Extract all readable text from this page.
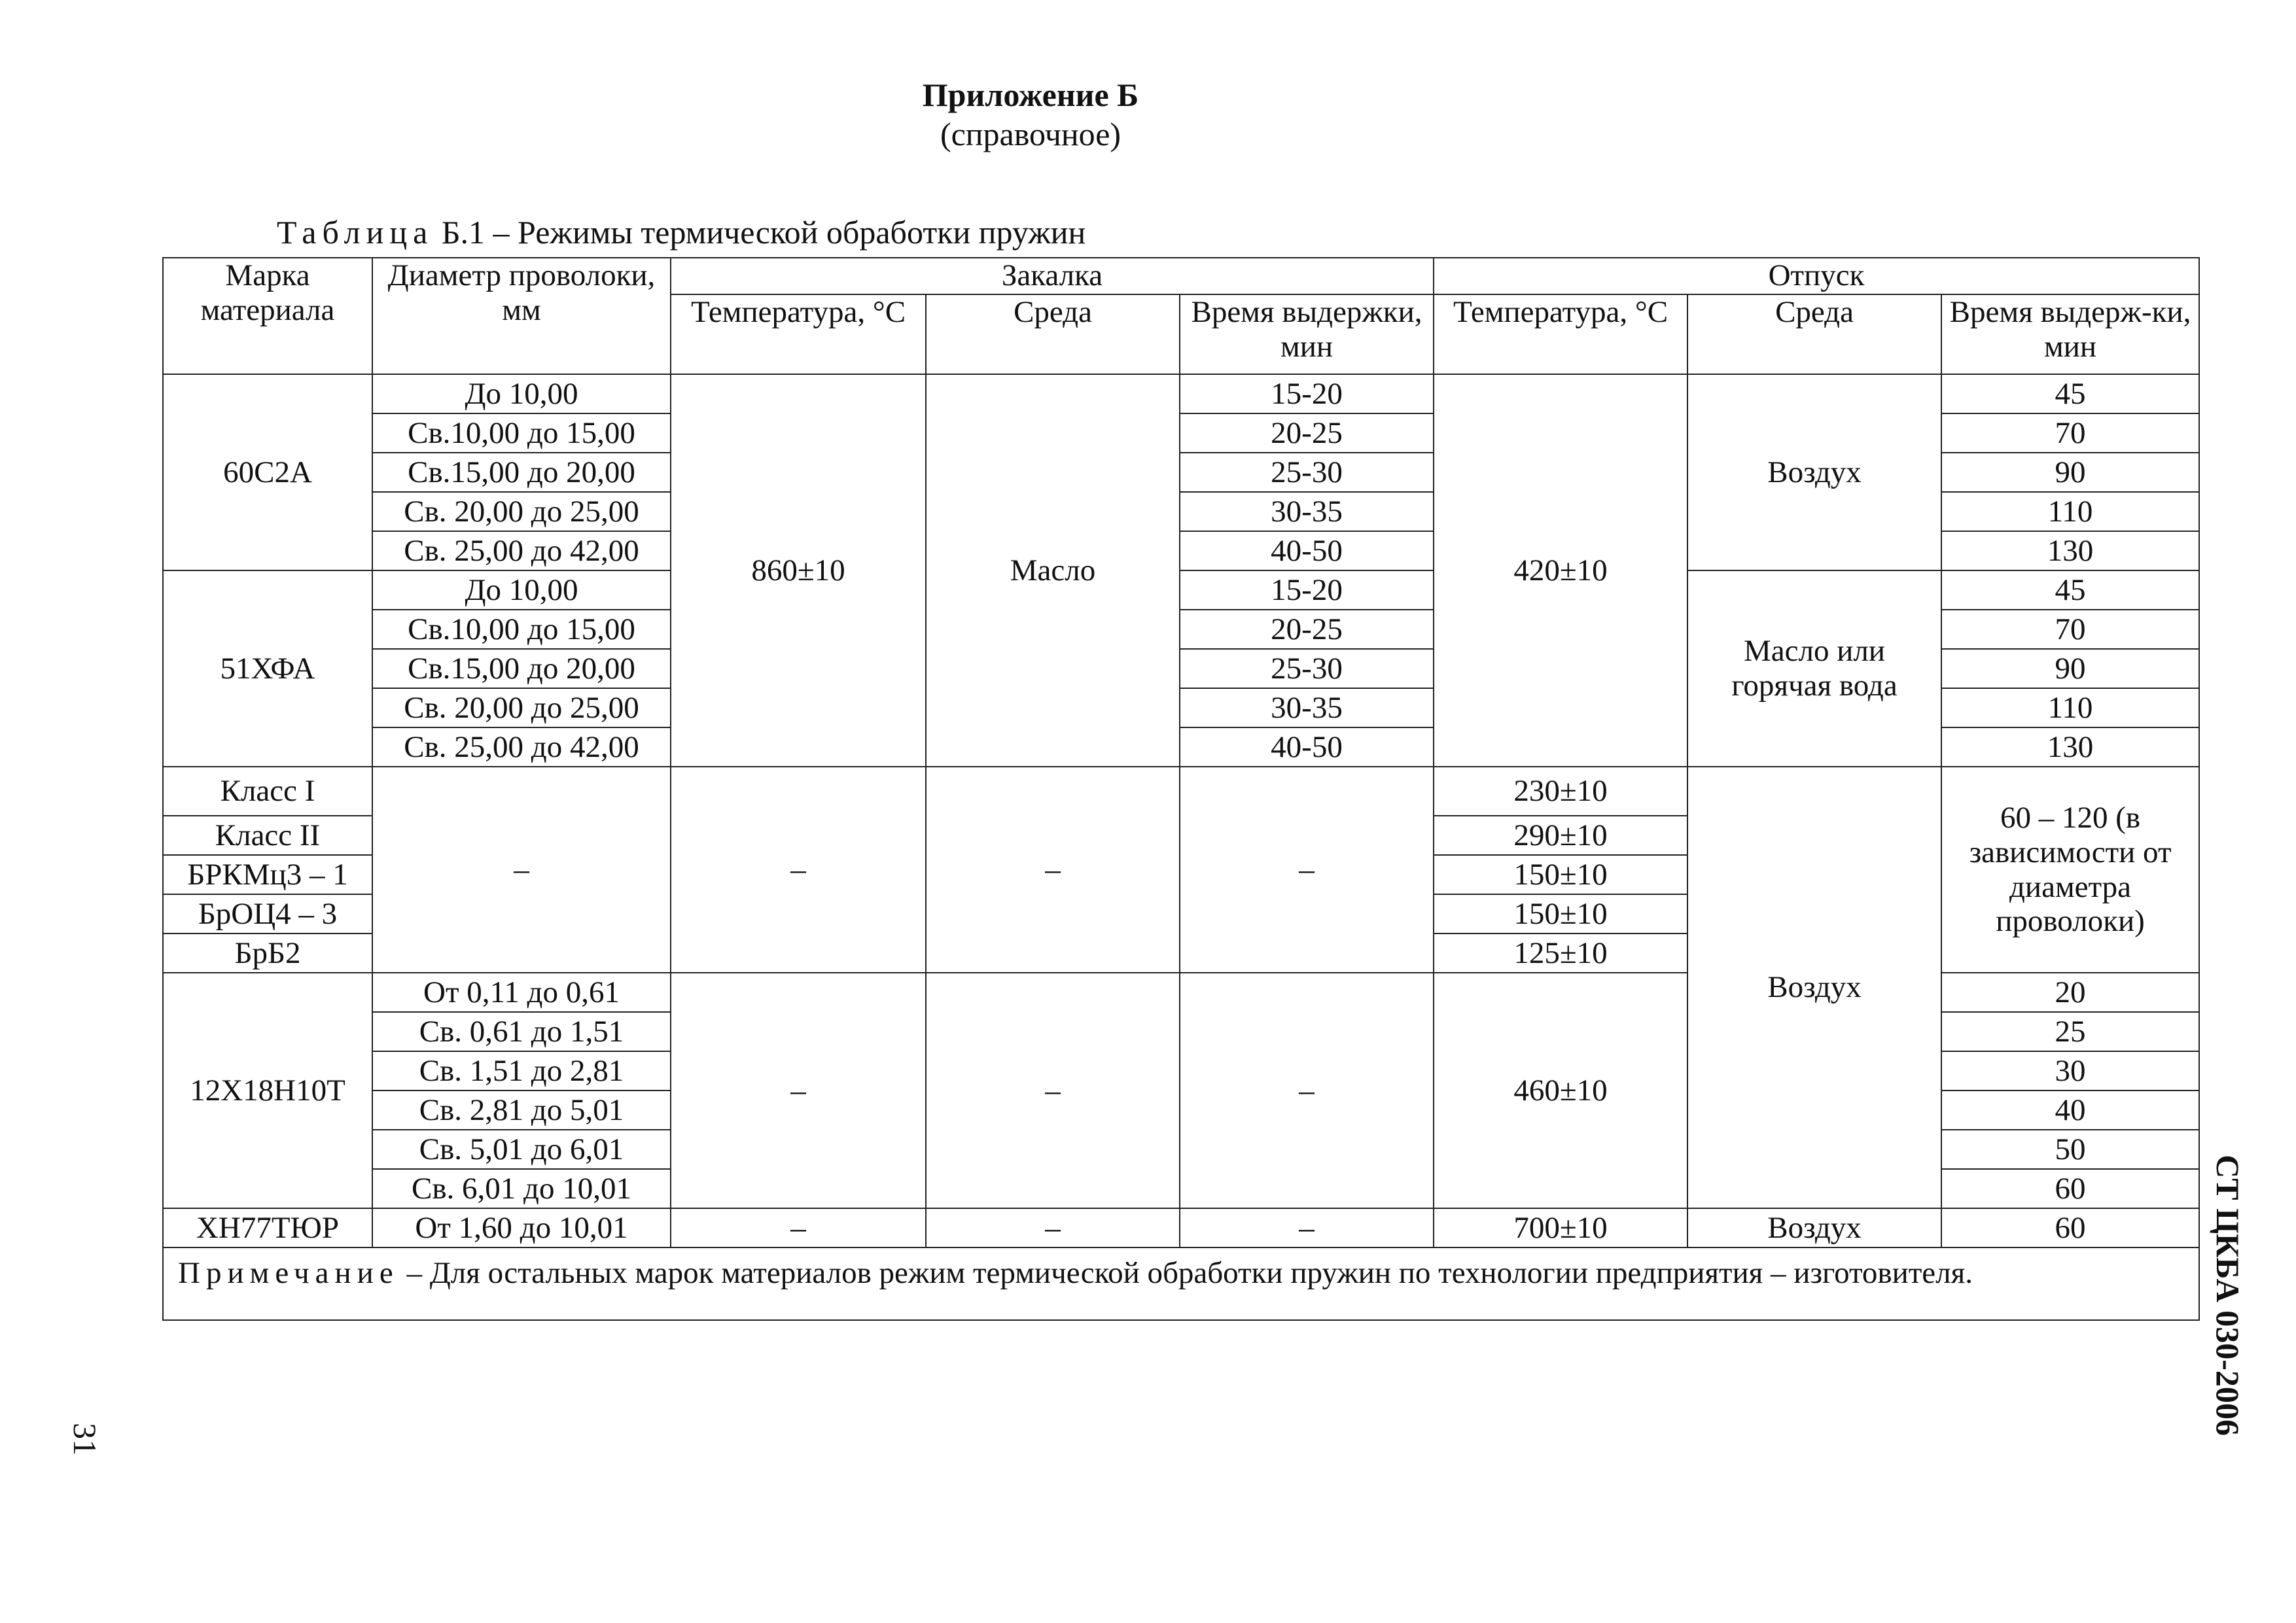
Приложение Б
(справочное)
Таблица Б.1 – Режимы термической обработки пружин
Марка материала	Диаметр проволоки, мм	Закалка			Отпуск		
		Температура, °С	Среда	Время выдержки, мин	Температура, °С	Среда	Время выдерж-ки, мин
60С2А	До 10,00	860±10	Масло	15-20	420±10	Воздух	45
	Св.10,00 до 15,00			20-25			70
	Св.15,00 до 20,00			25-30			90
	Св. 20,00 до 25,00			30-35			110
	Св. 25,00 до 42,00			40-50			130
51ХФА	До 10,00			15-20		Масло или горячая вода	45
	Св.10,00 до 15,00			20-25			70
	Св.15,00 до 20,00			25-30			90
	Св. 20,00 до 25,00			30-35			110
	Св. 25,00 до 42,00			40-50			130
Класс I	–	–	–	–	230±10	Воздух	60 – 120 (в зависимости от диаметра проволоки)
Класс II					290±10		
БРКМц3 – 1					150±10		
БрОЦ4 – 3					150±10		
БрБ2					125±10		
12Х18Н10Т	От 0,11 до 0,61	–	–	–	460±10		20
	Св. 0,61 до 1,51						25
	Св. 1,51 до 2,81						30
	Св. 2,81 до 5,01						40
	Св. 5,01 до 6,01						50
	Св. 6,01 до 10,01						60
ХН77ТЮР	От 1,60 до 10,01	–	–	–	700±10	Воздух	60
Примечание – Для остальных марок материалов режим термической обработки пружин по технологии предприятия – изготовителя.								СТ ЦКБА 030-2006
31
